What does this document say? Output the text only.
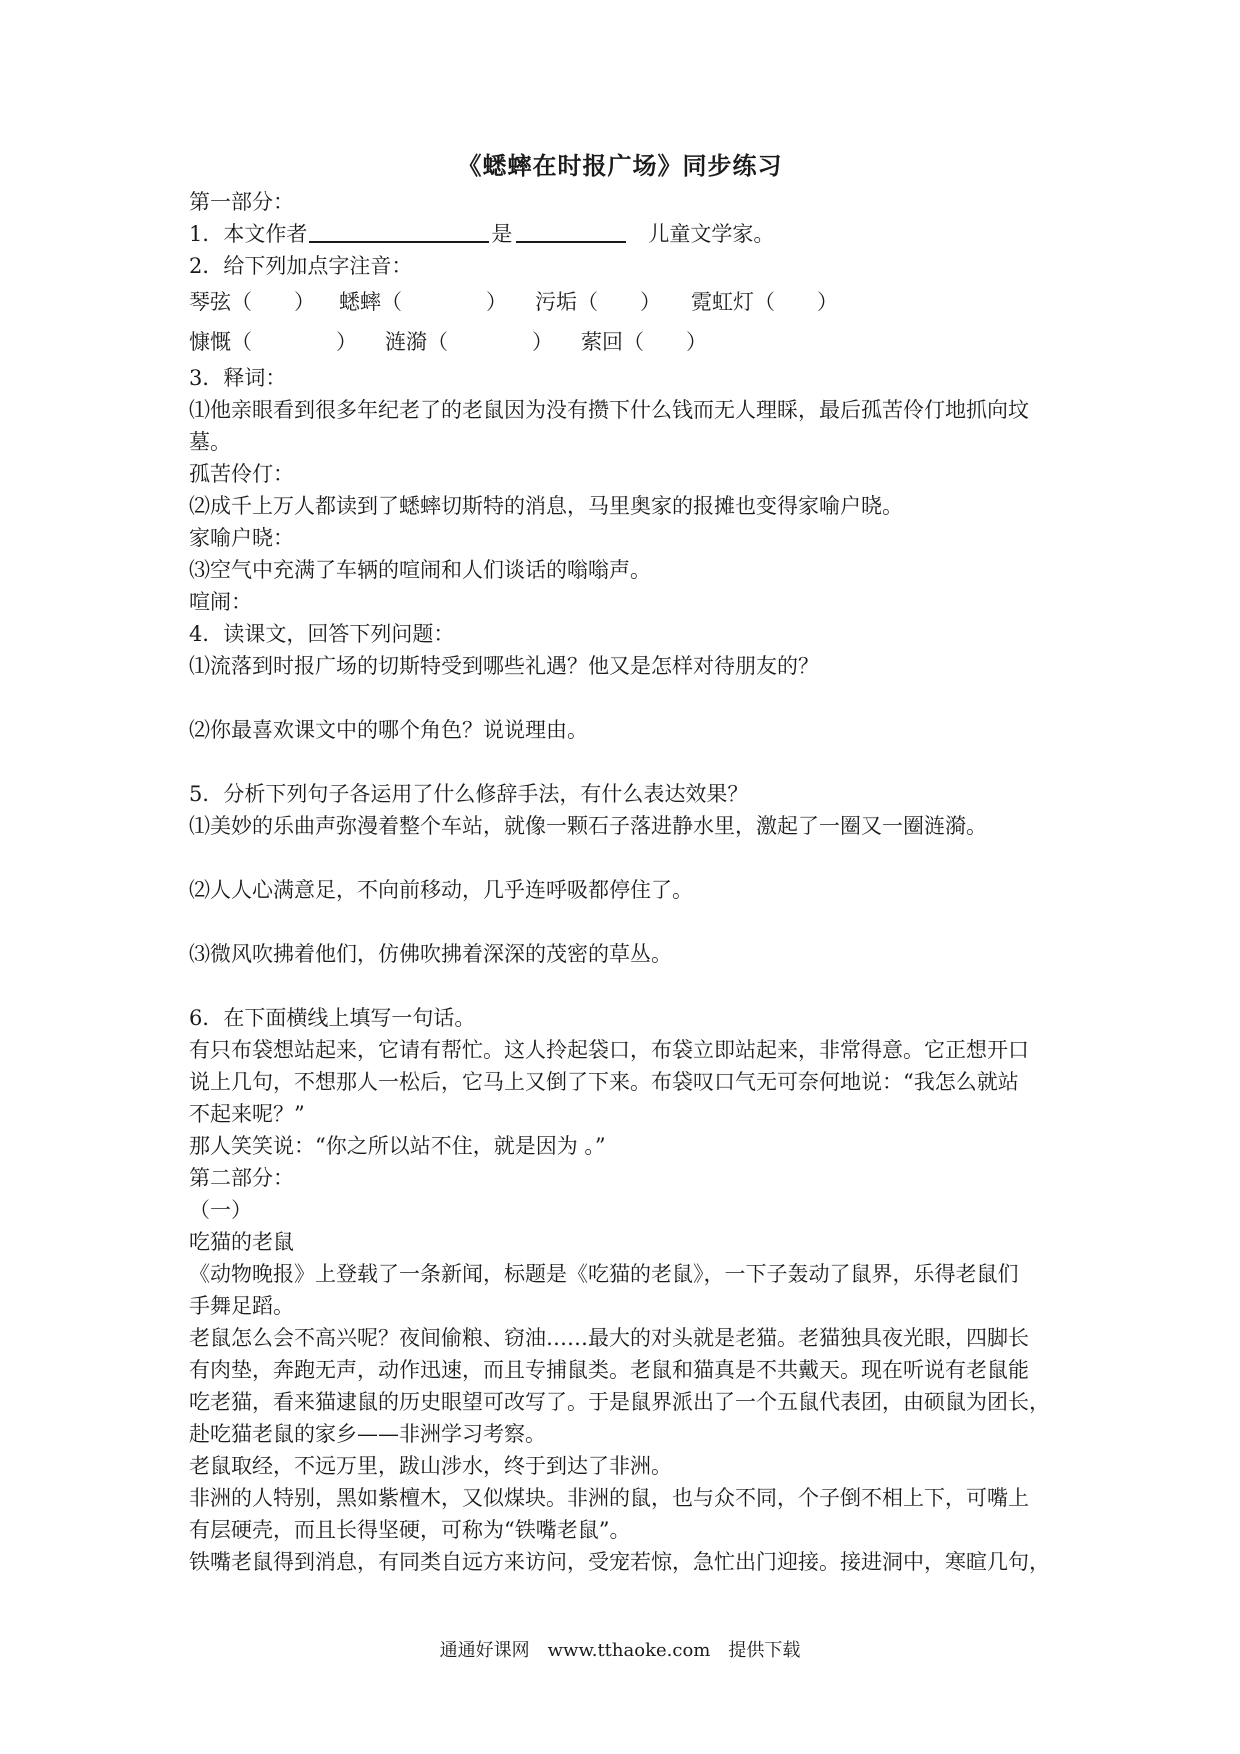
《蟋蟀在时报广场》同步练习

第一部分：

1．本文作者	是	儿童文学家。

2．给下列加点字注音：

琴弦（　　）	蟋蟀（　　　　）	污垢（　　）	霓虹灯（　　）
慷慨（　　　　）	涟漪（　　　　）	萦回（　　）

3．释词：

⑴他亲眼看到很多年纪老了的老鼠因为没有攒下什么钱而无人理睬，最后孤苦伶仃地抓向坟

墓。

孤苦伶仃：

⑵成千上万人都读到了蟋蟀切斯特的消息，马里奥家的报摊也变得家喻户晓。

家喻户晓：

⑶空气中充满了车辆的喧闹和人们谈话的嗡嗡声。

喧闹：

4．读课文，回答下列问题：

⑴流落到时报广场的切斯特受到哪些礼遇？他又是怎样对待朋友的？

⑵你最喜欢课文中的哪个角色？说说理由。

5．分析下列句子各运用了什么修辞手法，有什么表达效果？

⑴美妙的乐曲声弥漫着整个车站，就像一颗石子落进静水里，激起了一圈又一圈涟漪。

⑵人人心满意足，不向前移动，几乎连呼吸都停住了。

⑶微风吹拂着他们，仿佛吹拂着深深的茂密的草丛。

6．在下面横线上填写一句话。

有只布袋想站起来，它请有帮忙。这人拎起袋口，布袋立即站起来，非常得意。它正想开口

说上几句，不想那人一松后，它马上又倒了下来。布袋叹口气无可奈何地说：“我怎么就站

不起来呢？”

那人笑笑说：“你之所以站不住，就是因为 。”

第二部分：

（一）

吃猫的老鼠

《动物晚报》上登载了一条新闻，标题是《吃猫的老鼠》，一下子轰动了鼠界，乐得老鼠们

手舞足蹈。

老鼠怎么会不高兴呢？夜间偷粮、窃油……最大的对头就是老猫。老猫独具夜光眼，四脚长

有肉垫，奔跑无声，动作迅速，而且专捕鼠类。老鼠和猫真是不共戴天。现在听说有老鼠能

吃老猫，看来猫逮鼠的历史眼望可改写了。于是鼠界派出了一个五鼠代表团，由硕鼠为团长，

赴吃猫老鼠的家乡——非洲学习考察。

老鼠取经，不远万里，跋山涉水，终于到达了非洲。

非洲的人特别，黑如紫檀木，又似煤块。非洲的鼠，也与众不同，个子倒不相上下，可嘴上

有层硬壳，而且长得坚硬，可称为“铁嘴老鼠”。

铁嘴老鼠得到消息，有同类自远方来访问，受宠若惊，急忙出门迎接。接进洞中，寒暄几句，

通通好课网　www.tthaoke.com　提供下载
